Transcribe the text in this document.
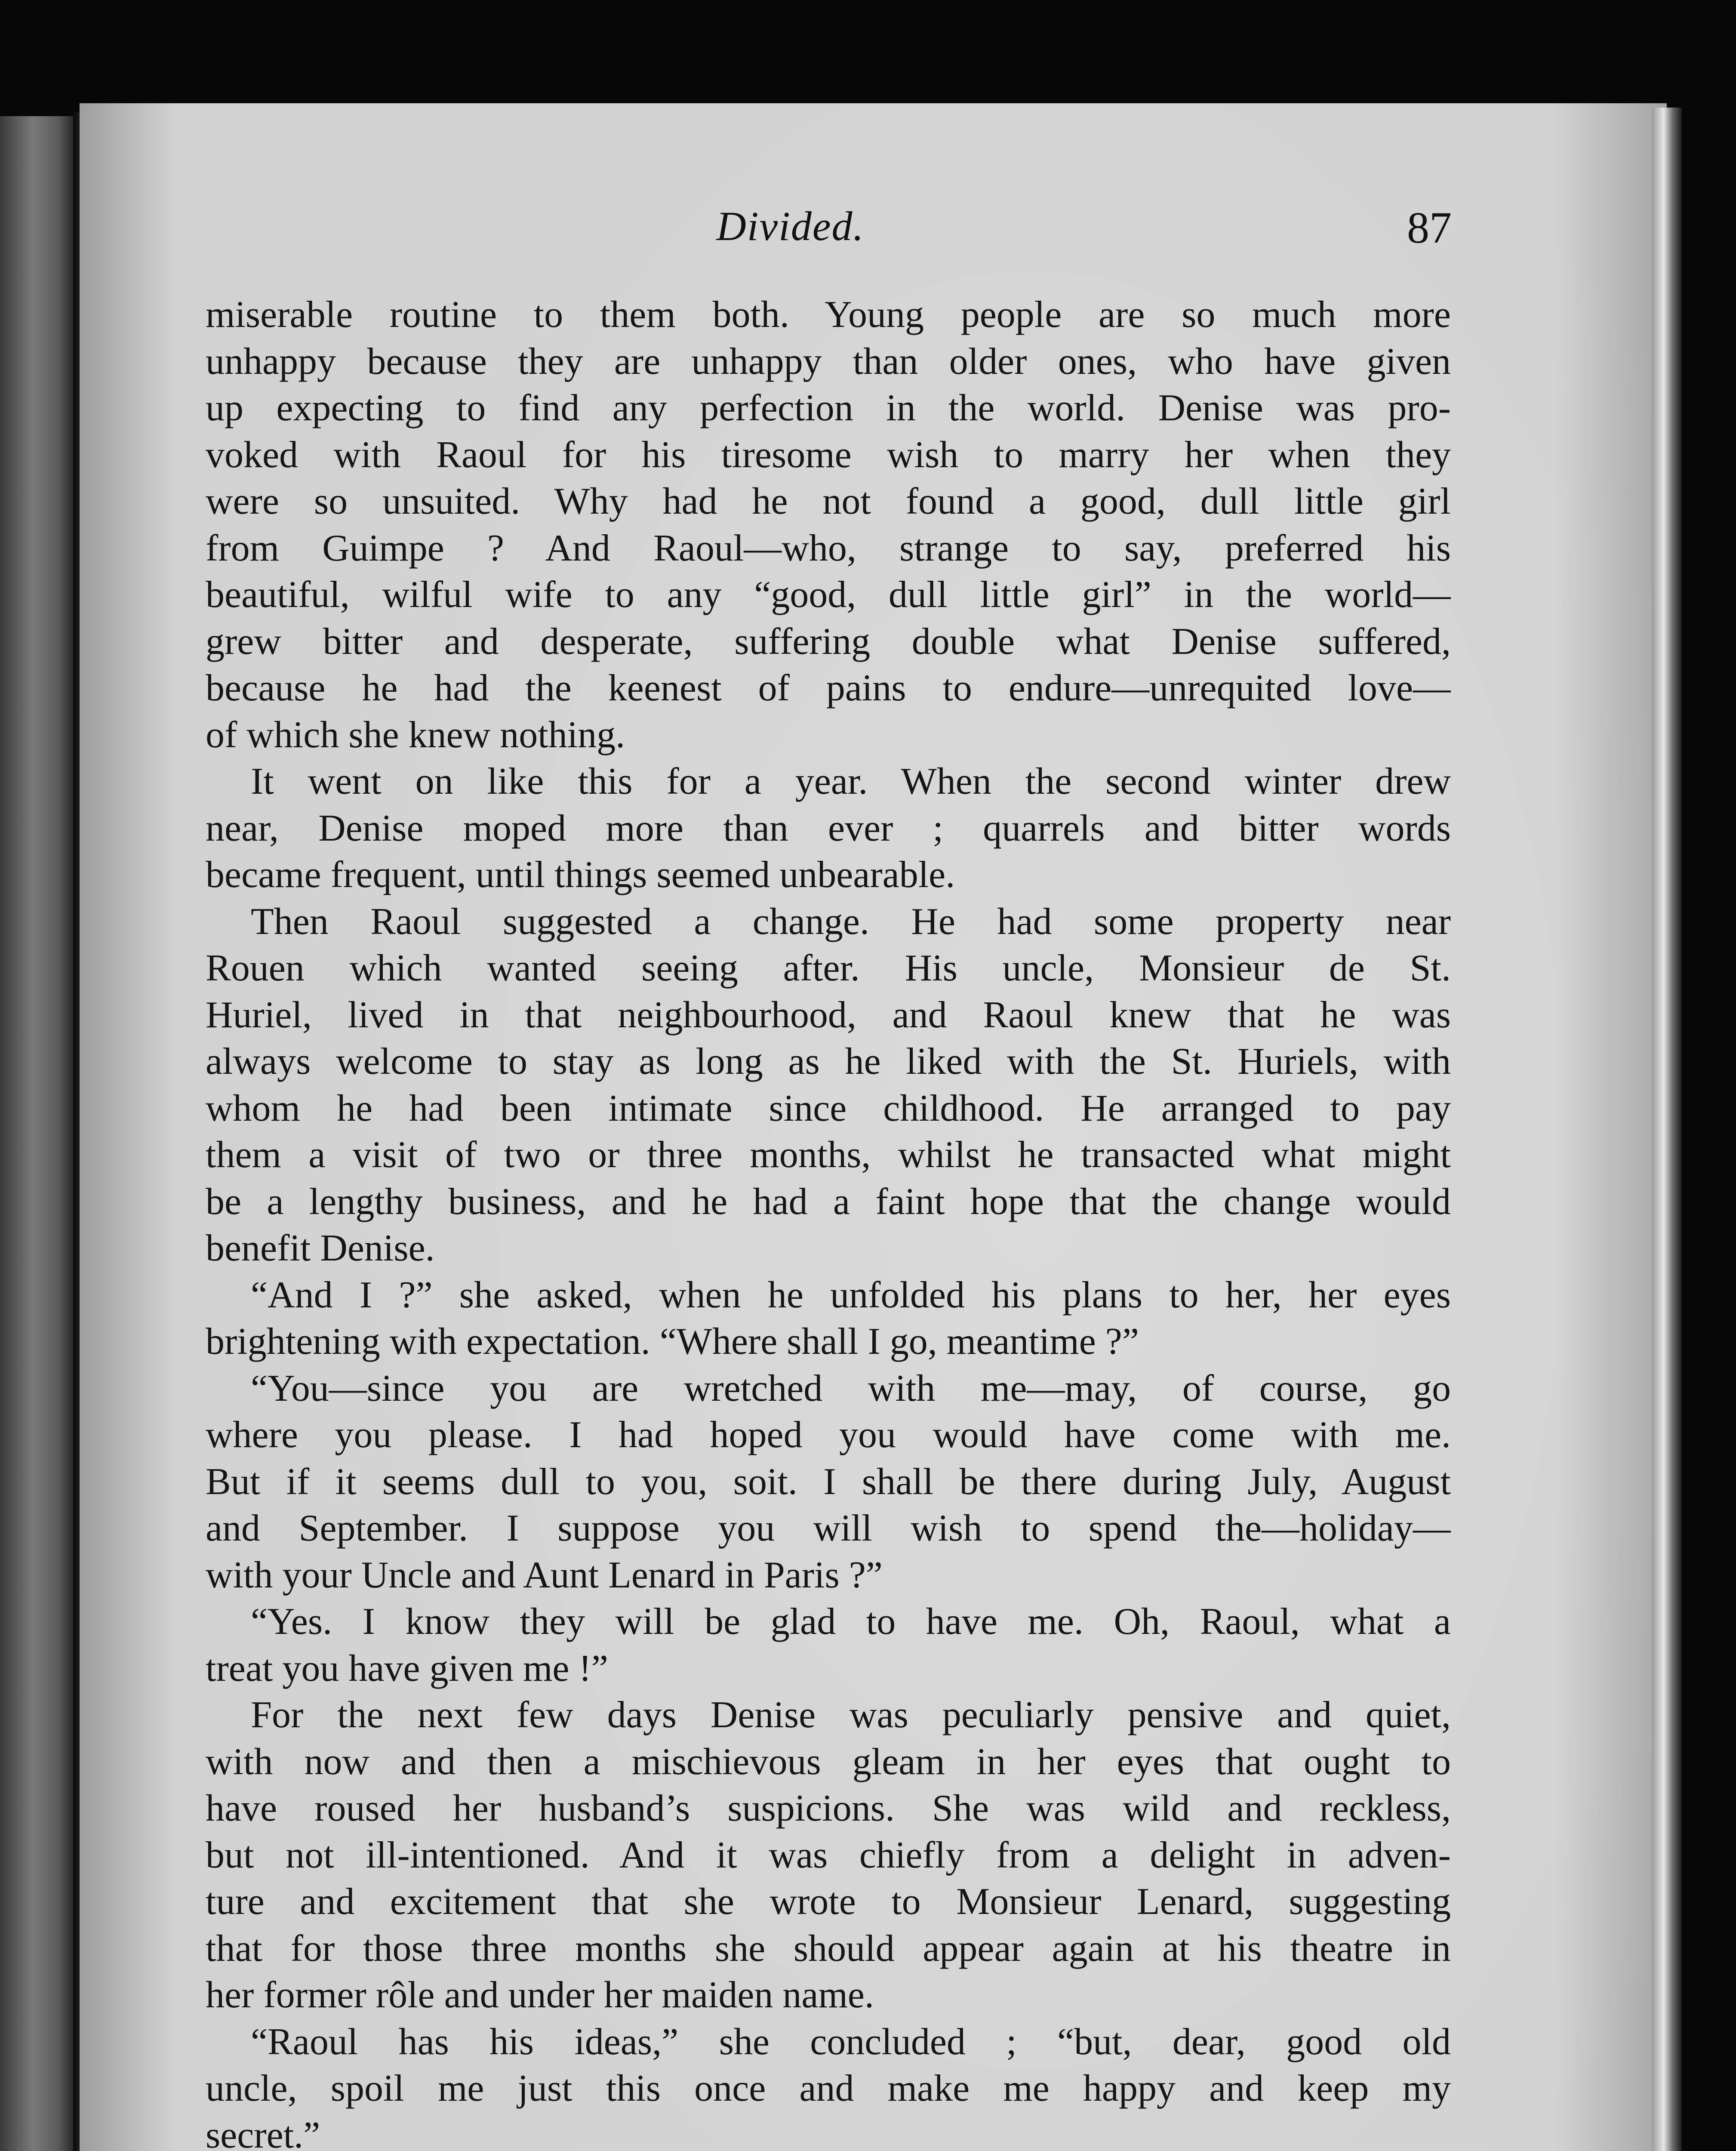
Divided.	87
miserable routine to them both. Young people are so much more
unhappy because they are unhappy than older ones, who have given
up expecting to find any perfection in the world. Denise was pro-
voked with Raoul for his tiresome wish to marry her when they
were so unsuited. Why had he not found a good, dull little girl
from Guimpe ? And Raoul—who, strange to say, preferred his
beautiful, wilful wife to any “good, dull little girl” in the world—
grew bitter and desperate, suffering double what Denise suffered,
because he had the keenest of pains to endure—unrequited love—
of which she knew nothing.
It went on like this for a year. When the second winter drew
near, Denise moped more than ever ; quarrels and bitter words
became frequent, until things seemed unbearable.
Then Raoul suggested a change. He had some property near
Rouen which wanted seeing after. His uncle, Monsieur de St.
Huriel, lived in that neighbourhood, and Raoul knew that he was
always welcome to stay as long as he liked with the St. Huriels, with
whom he had been intimate since childhood. He arranged to pay
them a visit of two or three months, whilst he transacted what might
be a lengthy business, and he had a faint hope that the change would
benefit Denise.
“And I ?” she asked, when he unfolded his plans to her, her eyes
brightening with expectation. “Where shall I go, meantime ?”
“You—since you are wretched with me—may, of course, go
where you please. I had hoped you would have come with me.
But if it seems dull to you, soit. I shall be there during July, August
and September. I suppose you will wish to spend the—holiday—
with your Uncle and Aunt Lenard in Paris ?”
“Yes. I know they will be glad to have me. Oh, Raoul, what a
treat you have given me !”
For the next few days Denise was peculiarly pensive and quiet,
with now and then a mischievous gleam in her eyes that ought to
have roused her husband’s suspicions. She was wild and reckless,
but not ill-intentioned. And it was chiefly from a delight in adven-
ture and excitement that she wrote to Monsieur Lenard, suggesting
that for those three months she should appear again at his theatre in
her former rôle and under her maiden name.
“Raoul has his ideas,” she concluded ; “but, dear, good old
uncle, spoil me just this once and make me happy and keep my
secret.”
